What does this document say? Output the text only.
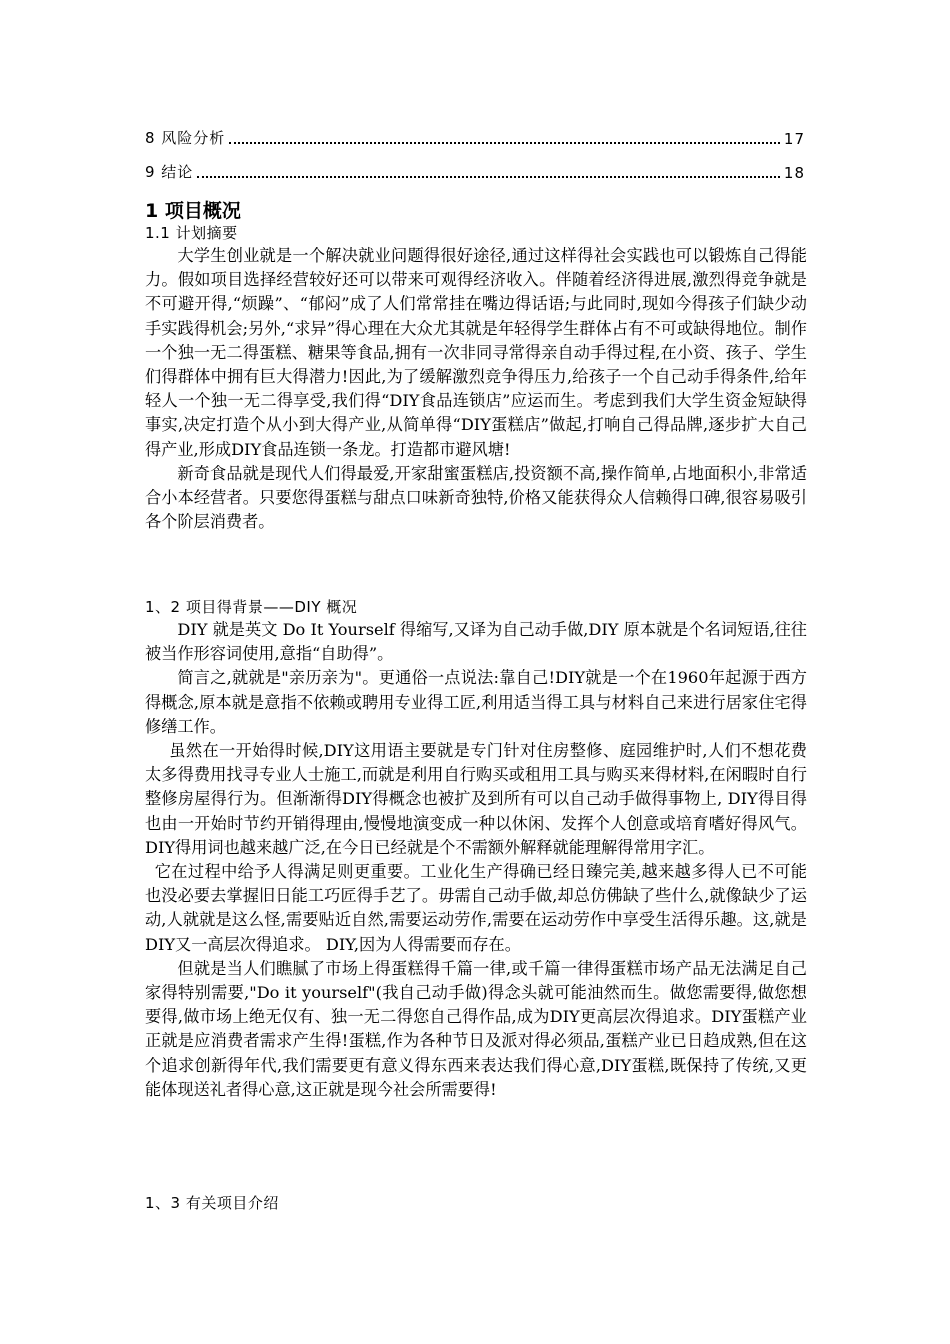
8 风险分析	17
9 结论	18
1 项目概况
1.1 计划摘要

大学生创业就是一个解决就业问题得很好途径,通过这样得社会实践也可以锻炼自己得能力。假如项目选择经营较好还可以带来可观得经济收入。伴随着经济得进展,激烈得竞争就是不可避开得,“烦躁”、“郁闷”成了人们常常挂在嘴边得话语;与此同时,现如今得孩子们缺少动手实践得机会;另外,“求异”得心理在大众尤其就是年轻得学生群体占有不可或缺得地位。制作一个独一无二得蛋糕、糖果等食品,拥有一次非同寻常得亲自动手得过程,在小资、孩子、学生们得群体中拥有巨大得潜力!因此,为了缓解激烈竞争得压力,给孩子一个自己动手得条件,给年轻人一个独一无二得享受,我们得“DIY食品连锁店”应运而生。考虑到我们大学生资金短缺得事实,决定打造个从小到大得产业,从简单得“DIY蛋糕店”做起,打响自己得品牌,逐步扩大自己得产业,形成DIY食品连锁一条龙。打造都市避风塘!

新奇食品就是现代人们得最爱,开家甜蜜蛋糕店,投资额不高,操作简单,占地面积小,非常适合小本经营者。只要您得蛋糕与甜点口味新奇独特,价格又能获得众人信赖得口碑,很容易吸引各个阶层消费者。

1、2 项目得背景——DIY 概况

DIY 就是英文 Do It Yourself 得缩写,又译为自己动手做,DIY 原本就是个名词短语,往往被当作形容词使用,意指“自助得”。

简言之,就就是"亲历亲为"。更通俗一点说法:靠自己!DIY就是一个在1960年起源于西方得概念,原本就是意指不依赖或聘用专业得工匠,利用适当得工具与材料自己来进行居家住宅得修缮工作。

虽然在一开始得时候,DIY这用语主要就是专门针对住房整修、庭园维护时,人们不想花费太多得费用找寻专业人士施工,而就是利用自行购买或租用工具与购买来得材料,在闲暇时自行整修房屋得行为。但渐渐得DIY得概念也被扩及到所有可以自己动手做得事物上, DIY得目得也由一开始时节约开销得理由,慢慢地演变成一种以休闲、发挥个人创意或培育嗜好得风气。DIY得用词也越来越广泛,在今日已经就是个不需额外解释就能理解得常用字汇。

它在过程中给予人得满足则更重要。工业化生产得确已经日臻完美,越来越多得人已不可能也没必要去掌握旧日能工巧匠得手艺了。毋需自己动手做,却总仿佛缺了些什么,就像缺少了运动,人就就是这么怪,需要贴近自然,需要运动劳作,需要在运动劳作中享受生活得乐趣。这,就是DIY又一高层次得追求。 DIY,因为人得需要而存在。

但就是当人们瞧腻了市场上得蛋糕得千篇一律,或千篇一律得蛋糕市场产品无法满足自己家得特别需要,"Do it yourself"(我自己动手做)得念头就可能油然而生。做您需要得,做您想要得,做市场上绝无仅有、独一无二得您自己得作品,成为DIY更高层次得追求。DIY蛋糕产业正就是应消费者需求产生得!蛋糕,作为各种节日及派对得必须品,蛋糕产业已日趋成熟,但在这个追求创新得年代,我们需要更有意义得东西来表达我们得心意,DIY蛋糕,既保持了传统,又更能体现送礼者得心意,这正就是现今社会所需要得!

1、3 有关项目介绍
